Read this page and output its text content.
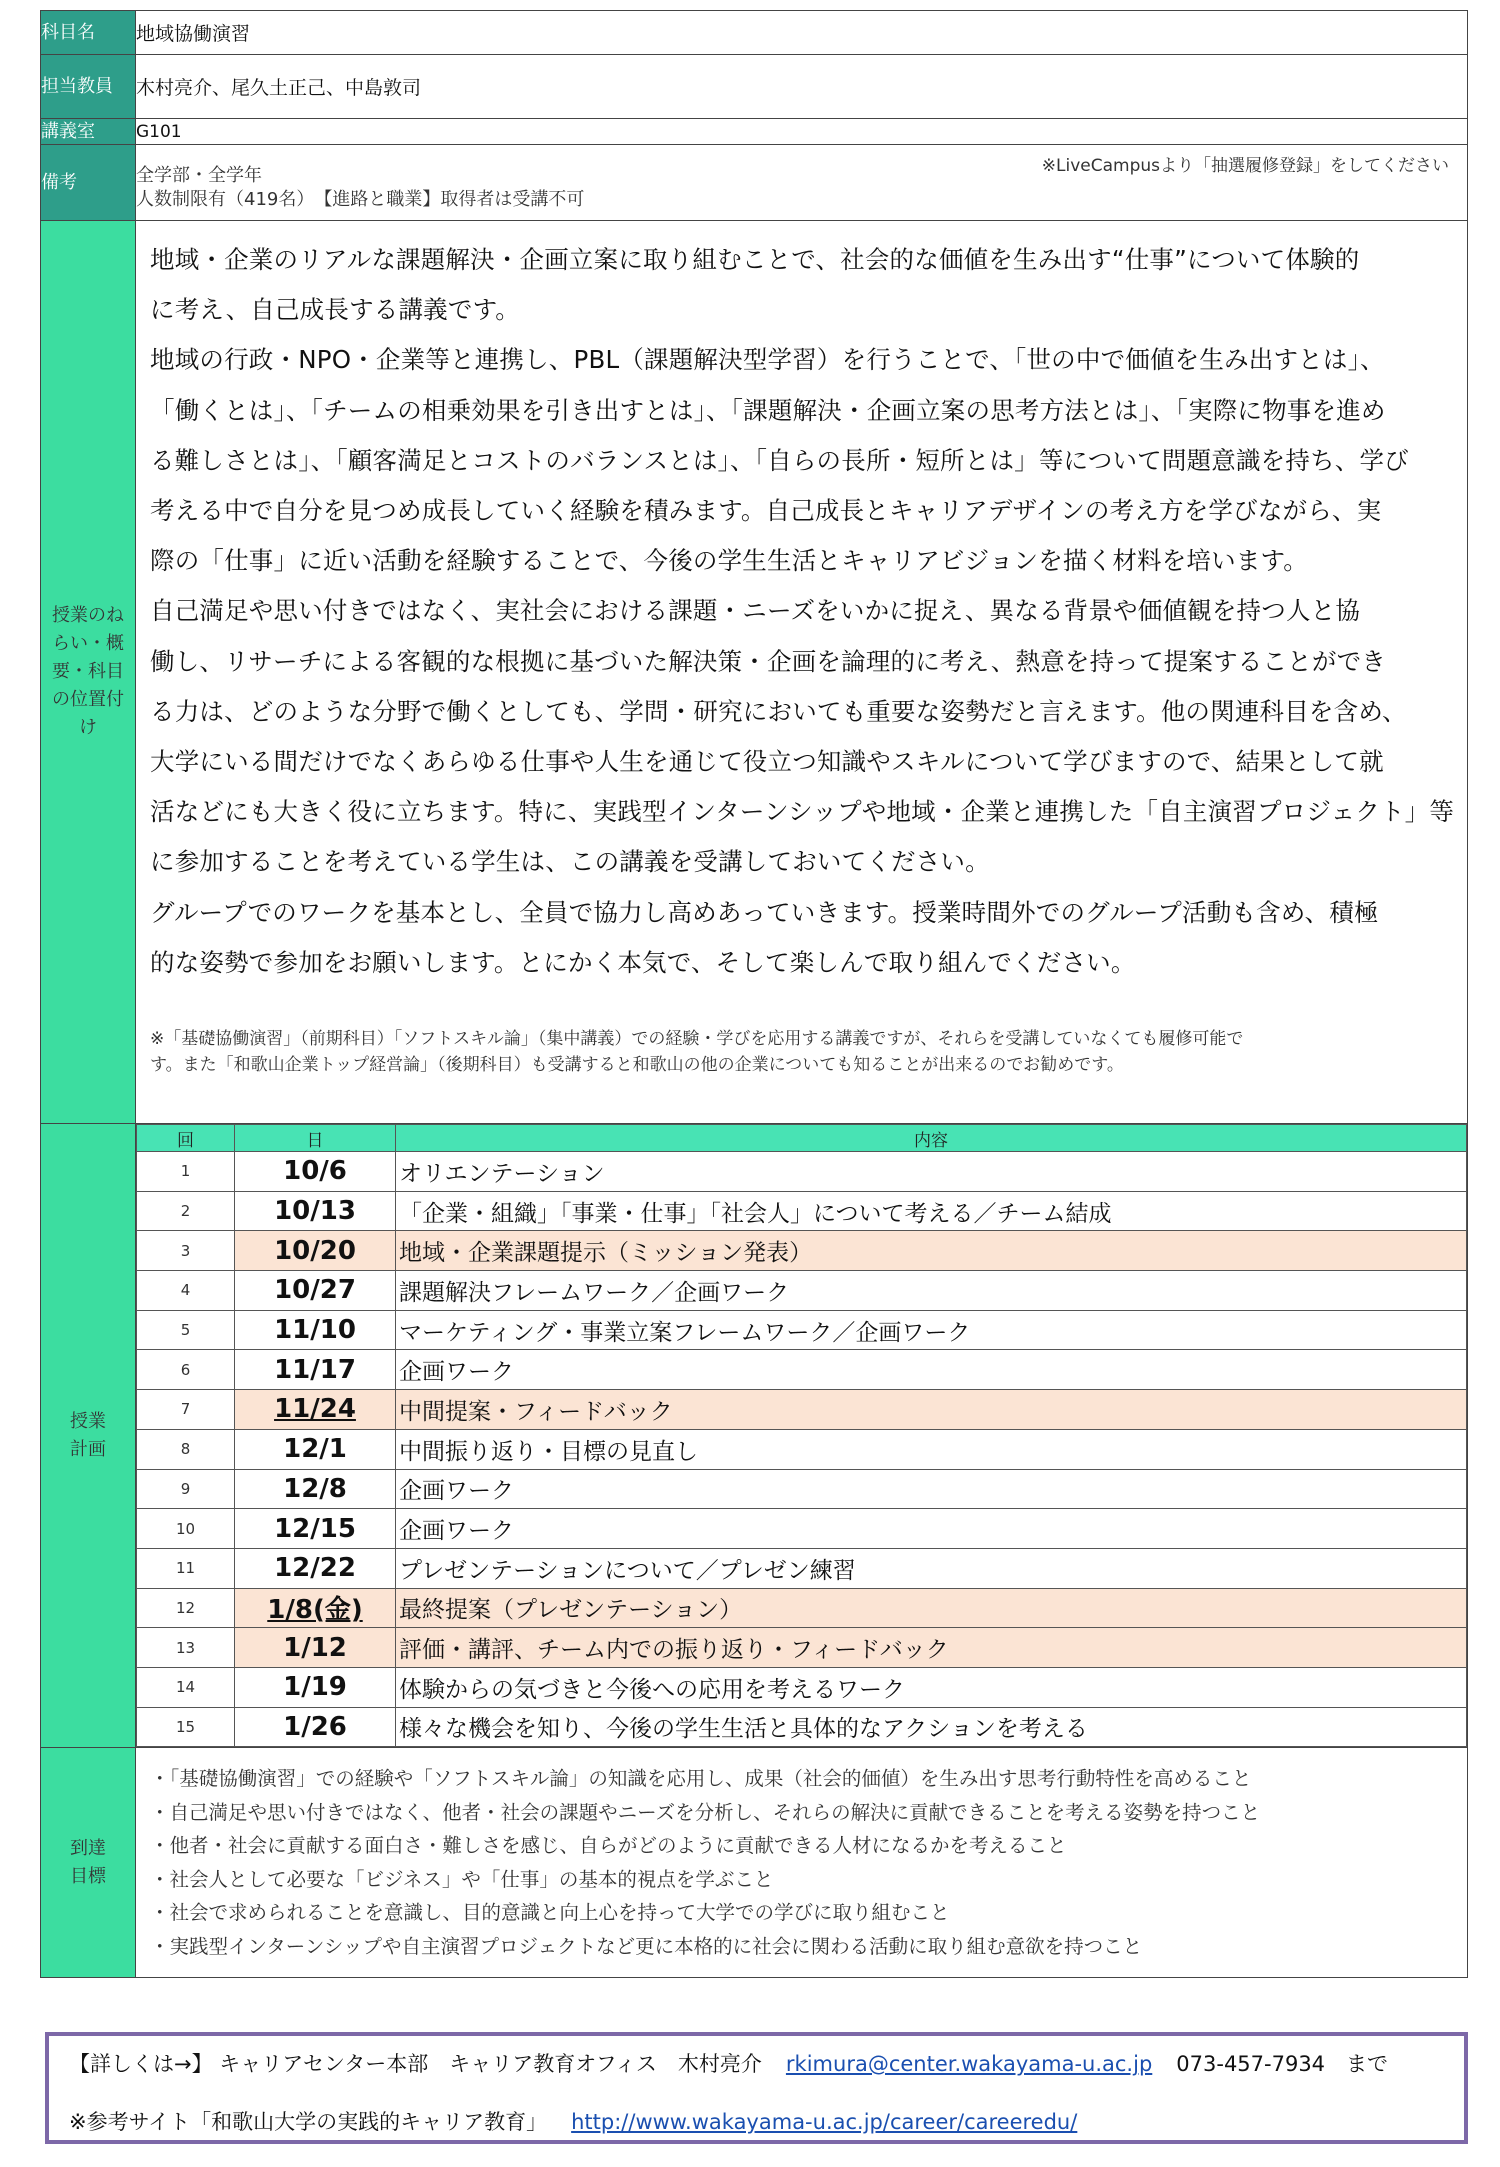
科目名	地域協働演習
担当教員	木村亮介、尾久土正己、中島敦司
講義室	G101
備考	
※LiveCampusより「抽選履修登録」をしてください
全学部・全学年
人数制限有（419名）　【進路と職業】取得者は受講不可

授業のねらい・概要・科目の位置付け	

地域・企業のリアルな課題解決・企画立案に取り組むことで、社会的な価値を生み出す“仕事”について体験的

に考え、自己成長する講義です。

地域の行政・NPO・企業等と連携し、PBL（課題解決型学習）を行うことで、「世の中で価値を生み出すとは」、

「働くとは」、「チームの相乗効果を引き出すとは」、「課題解決・企画立案の思考方法とは」、「実際に物事を進め

る難しさとは」、「顧客満足とコストのバランスとは」、「自らの長所・短所とは」等について問題意識を持ち、学び

考える中で自分を見つめ成長していく経験を積みます。自己成長とキャリアデザインの考え方を学びながら、実

際の「仕事」に近い活動を経験することで、今後の学生生活とキャリアビジョンを描く材料を培います。

自己満足や思い付きではなく、実社会における課題・ニーズをいかに捉え、異なる背景や価値観を持つ人と協

働し、リサーチによる客観的な根拠に基づいた解決策・企画を論理的に考え、熱意を持って提案することができ

る力は、どのような分野で働くとしても、学問・研究においても重要な姿勢だと言えます。他の関連科目を含め、

大学にいる間だけでなくあらゆる仕事や人生を通じて役立つ知識やスキルについて学びますので、結果として就

活などにも大きく役に立ちます。特に、実践型インターンシップや地域・企業と連携した「自主演習プロジェクト」等

に参加することを考えている学生は、この講義を受講しておいてください。

グループでのワークを基本とし、全員で協力し高めあっていきます。授業時間外でのグループ活動も含め、積極

的な姿勢で参加をお願いします。とにかく本気で、そして楽しんで取り組んでください。

※「基礎協働演習」（前期科目）「ソフトスキル論」（集中講義）での経験・学びを応用する講義ですが、それらを受講していなくても履修可能で
す。また「和歌山企業トップ経営論」（後期科目）も受講すると和歌山の他の企業についても知ることが出来るのでお勧めです。

授業計画	
回	日	内容
1	10/6	オリエンテーション
2	10/13	「企業・組織」「事業・仕事」「社会人」について考える／チーム結成
3	10/20	地域・企業課題提示（ミッション発表）
4	10/27	課題解決フレームワーク／企画ワーク
5	11/10	マーケティング・事業立案フレームワーク／企画ワーク
6	11/17	企画ワーク
7	11/24	中間提案・フィードバック
8	12/1	中間振り返り・目標の見直し
9	12/8	企画ワーク
10	12/15	企画ワーク
11	12/22	プレゼンテーションについて／プレゼン練習
12	1/8(金)	最終提案（プレゼンテーション）
13	1/12	評価・講評、チーム内での振り返り・フィードバック
14	1/19	体験からの気づきと今後への応用を考えるワーク
15	1/26	様々な機会を知り、今後の学生生活と具体的なアクションを考える

到達目標	
・「基礎協働演習」での経験や「ソフトスキル論」の知識を応用し、成果（社会的価値）を生み出す思考行動特性を高めること
・自己満足や思い付きではなく、他者・社会の課題やニーズを分析し、それらの解決に貢献できることを考える姿勢を持つこと
・他者・社会に貢献する面白さ・難しさを感じ、自らがどのように貢献できる人材になるかを考えること
・社会人として必要な「ビジネス」や「仕事」の基本的視点を学ぶこと
・社会で求められることを意識し、目的意識と向上心を持って大学での学びに取り組むこと
・実践型インターンシップや自主演習プロジェクトなど更に本格的に社会に関わる活動に取り組む意欲を持つこと
【詳しくは→】 キャリアセンター本部　キャリア教育オフィス　木村亮介 rkimura@center.wakayama-u.ac.jp 073-457-7934　まで
※参考サイト「和歌山大学の実践的キャリア教育」 http://www.wakayama-u.ac.jp/career/careeredu/
